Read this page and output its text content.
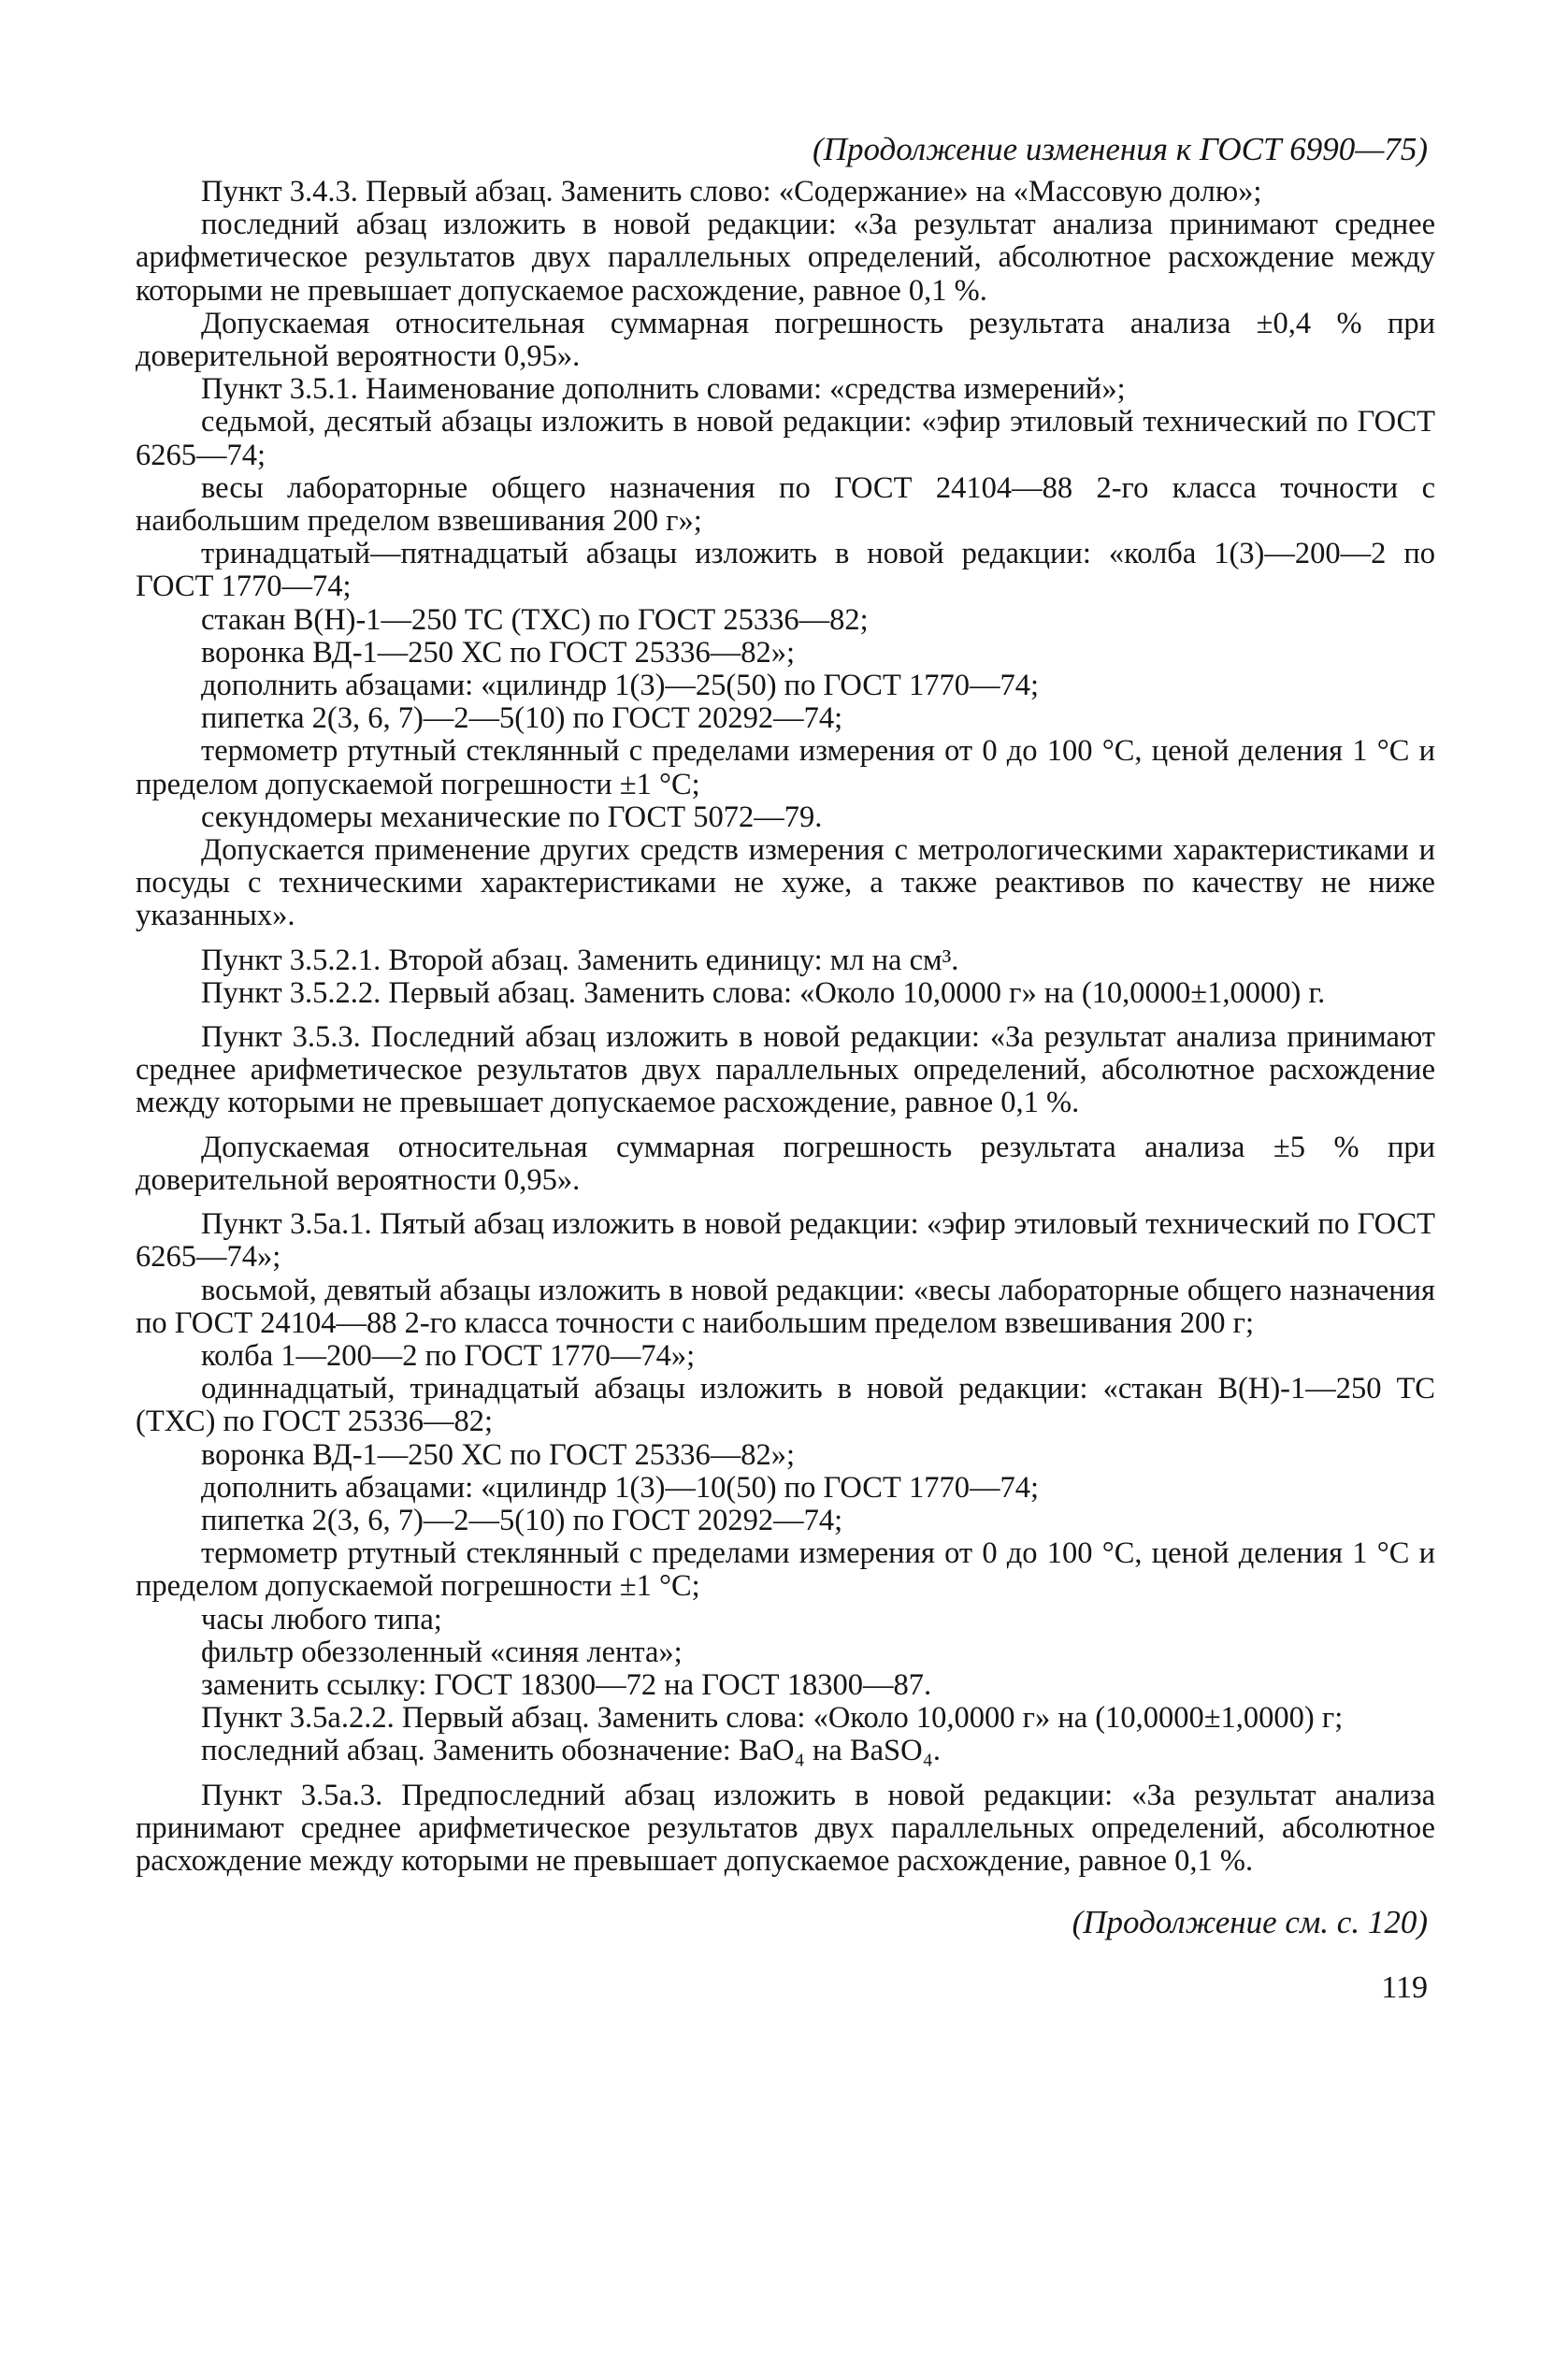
(Продолжение изменения к ГОСТ 6990—75)

Пункт 3.4.3. Первый абзац. Заменить слово: «Содержание» на «Массовую долю»;

последний абзац изложить в новой редакции: «За результат анализа принимают среднее арифметическое результатов двух параллельных определений, абсолютное расхождение между которыми не превышает допускаемое расхождение, равное 0,1 %.

Допускаемая относительная суммарная погрешность результата анализа ±0,4 % при доверительной вероятности 0,95».

Пункт 3.5.1. Наименование дополнить словами: «средства измерений»;

седьмой, десятый абзацы изложить в новой редакции: «эфир этиловый технический по ГОСТ 6265—74;

весы лабораторные общего назначения по ГОСТ 24104—88 2-го класса точности с наибольшим пределом взвешивания 200 г»;

тринадцатый—пятнадцатый абзацы изложить в новой редакции: «колба 1(3)—200—2 по ГОСТ 1770—74;

стакан В(Н)-1—250 ТС (ТХС) по ГОСТ 25336—82;

воронка ВД-1—250 ХС по ГОСТ 25336—82»;

дополнить абзацами: «цилиндр 1(3)—25(50) по ГОСТ 1770—74;

пипетка 2(3, 6, 7)—2—5(10) по ГОСТ 20292—74;

термометр ртутный стеклянный с пределами измерения от 0 до 100 °С, ценой деления 1 °С и пределом допускаемой погрешности ±1 °С;

секундомеры механические по ГОСТ 5072—79.

Допускается применение других средств измерения с метрологическими характеристиками и посуды с техническими характеристиками не хуже, а также реактивов по качеству не ниже указанных».

Пункт 3.5.2.1. Второй абзац. Заменить единицу: мл на см³.

Пункт 3.5.2.2. Первый абзац. Заменить слова: «Около 10,0000 г» на (10,0000±1,0000) г.

Пункт 3.5.3. Последний абзац изложить в новой редакции: «За результат анализа принимают среднее арифметическое результатов двух параллельных определений, абсолютное расхождение между которыми не превышает допускаемое расхождение, равное 0,1 %.

Допускаемая относительная суммарная погрешность результата анализа ±5 % при доверительной вероятности 0,95».

Пункт 3.5а.1. Пятый абзац изложить в новой редакции: «эфир этиловый технический по ГОСТ 6265—74»;

восьмой, девятый абзацы изложить в новой редакции: «весы лабораторные общего назначения по ГОСТ 24104—88 2-го класса точности с наибольшим пределом взвешивания 200 г;

колба 1—200—2 по ГОСТ 1770—74»;

одиннадцатый, тринадцатый абзацы изложить в новой редакции: «стакан В(Н)-1—250 ТС (ТХС) по ГОСТ 25336—82;

воронка ВД-1—250 ХС по ГОСТ 25336—82»;

дополнить абзацами: «цилиндр 1(3)—10(50) по ГОСТ 1770—74;

пипетка 2(3, 6, 7)—2—5(10) по ГОСТ 20292—74;

термометр ртутный стеклянный с пределами измерения от 0 до 100 °С, ценой деления 1 °С и пределом допускаемой погрешности ±1 °С;

часы любого типа;

фильтр обеззоленный «синяя лента»;

заменить ссылку: ГОСТ 18300—72 на ГОСТ 18300—87.

Пункт 3.5а.2.2. Первый абзац. Заменить слова: «Около 10,0000 г» на (10,0000±1,0000) г;

последний абзац. Заменить обозначение: BaO₄ на BaSO₄.

Пункт 3.5а.3. Предпоследний абзац изложить в новой редакции: «За результат анализа принимают среднее арифметическое результатов двух параллельных определений, абсолютное расхождение между которыми не превышает допускаемое расхождение, равное 0,1 %.

(Продолжение см. с. 120)

119
